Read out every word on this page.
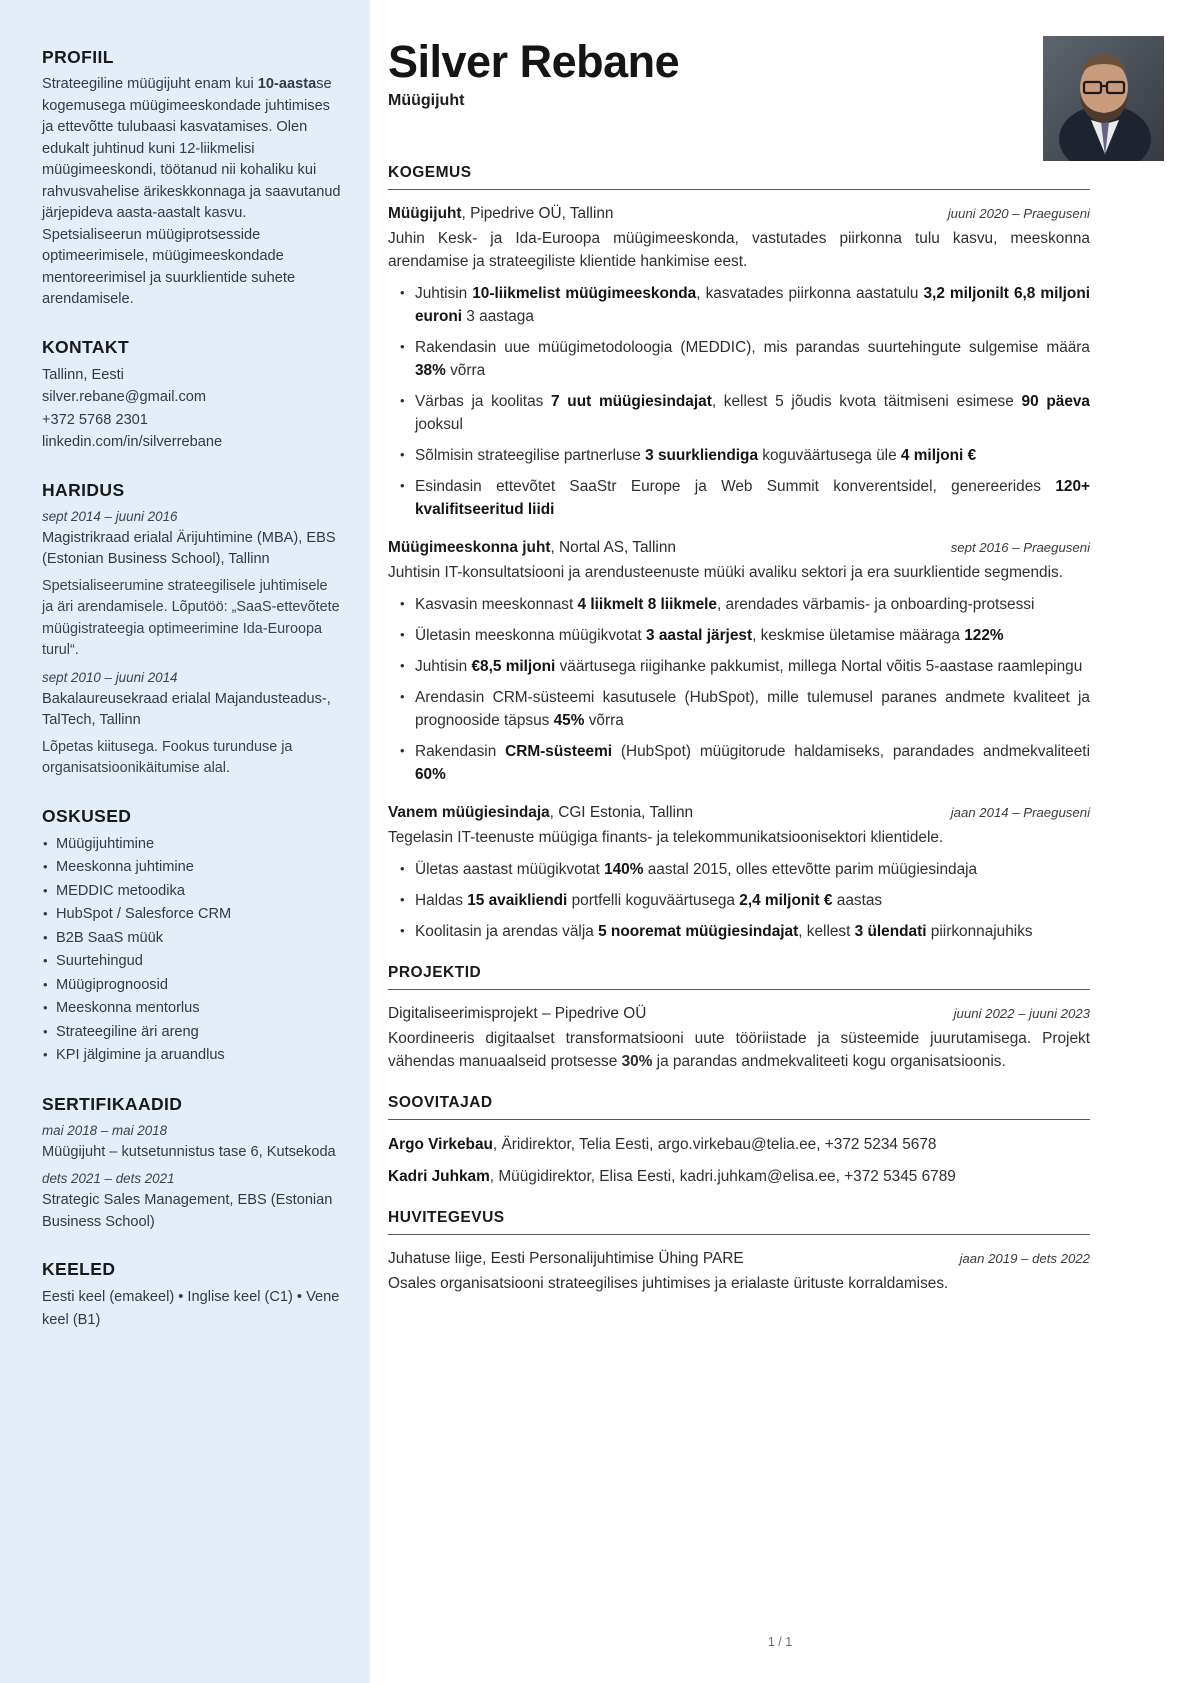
PROFIIL

Strateegiline müügijuht enam kui 10-aastase kogemusega müügimeeskondade juhtimises ja ettevõtte tulubaasi kasvatamises. Olen edukalt juhtinud kuni 12-liikmelisi müügimeeskondi, töötanud nii kohaliku kui rahvusvahelise ärikeskkonnaga ja saavutanud järjepideva aasta-aastalt kasvu. Spetsialiseerun müügiprotsesside optimeerimisele, müügimeeskondade mentoreerimisel ja suurklientide suhete arendamisele.

KONTAKT
Tallinn, Eesti
silver.rebane@gmail.com
+372 5768 2301
linkedin.com/in/silverrebane
HARIDUS
sept 2014 – juuni 2016
Magistrikraad erialal Ärijuhtimine (MBA), EBS (Estonian Business School), Tallinn
Spetsialiseerumine strateegilisele juhtimisele ja äri arendamisele. Lõputöö: „SaaS-ettevõtete müügistrateegia optimeerimine Ida-Euroopa turul“.
sept 2010 – juuni 2014
Bakalaureusekraad erialal Majandusteadus-, TalTech, Tallinn
Lõpetas kiitusega. Fookus turunduse ja organisatsioonikäitumise alal.
OSKUSED
• Müügijuhtimine
• Meeskonna juhtimine
• MEDDIC metoodika
• HubSpot / Salesforce CRM
• B2B SaaS müük
• Suurtehingud
• Müügiprognoosid
• Meeskonna mentorlus
• Strateegiline äri areng
• KPI jälgimine ja aruandlus
SERTIFIKAADID
mai 2018 – mai 2018
Müügijuht – kutsetunnistus tase 6, Kutsekoda
dets 2021 – dets 2021
Strategic Sales Management, EBS (Estonian Business School)
KEELED
Eesti keel (emakeel) • Inglise keel (C1) • Vene keel (B1)
Silver Rebane
Müügijuht
KOGEMUS
Müügijuht, Pipedrive OÜ, Tallinn	juuni 2020 – Praeguseni
Juhin Kesk- ja Ida-Euroopa müügimeeskonda, vastutades piirkonna tulu kasvu, meeskonna arendamise ja strateegiliste klientide hankimise eest.
• Juhtisin 10-liikmelist müügimeeskonda, kasvatades piirkonna aastatulu 3,2 miljonilt 6,8 miljoni euroni 3 aastaga
• Rakendasin uue müügimetodoloogia (MEDDIC), mis parandas suurtehingute sulgemise määra 38% võrra
• Värbas ja koolitas 7 uut müügiesindajat, kellest 5 jõudis kvota täitmiseni esimese 90 päeva jooksul
• Sõlmisin strateegilise partnerluse 3 suurkliendiga koguväärtusega üle 4 miljoni €
• Esindasin ettevõtet SaaStr Europe ja Web Summit konverentsidel, genereerides 120+ kvalifitseeritud liidi
Müügimeeskonna juht, Nortal AS, Tallinn	sept 2016 – Praeguseni
Juhtisin IT-konsultatsiooni ja arendusteenuste müüki avaliku sektori ja era suurklientide segmendis.
• Kasvasin meeskonnast 4 liikmelt 8 liikmele, arendades värbamis- ja onboarding-protsessi
• Ületasin meeskonna müügikvotat 3 aastal järjest, keskmise ületamise määraga 122%
• Juhtisin €8,5 miljoni väärtusega riigihanke pakkumist, millega Nortal võitis 5-aastase raamlepingu
• Arendasin CRM-süsteemi kasutusele (HubSpot), mille tulemusel paranes andmete kvaliteet ja prognooside täpsus 45% võrra
• Rakendasin CRM-süsteemi (HubSpot) müügitorude haldamiseks, parandades andmekvaliteeti 60%
Vanem müügiesindaja, CGI Estonia, Tallinn	jaan 2014 – Praeguseni
Tegelasin IT-teenuste müügiga finants- ja telekommunikatsioonisektori klientidele.
• Ületas aastast müügikvotat 140% aastal 2015, olles ettevõtte parim müügiesindaja
• Haldas 15 avaikliendi portfelli koguväärtusega 2,4 miljonit € aastas
• Koolitasin ja arendas välja 5 nooremat müügiesindajat, kellest 3 ülendati piirkonnajuhiks
PROJEKTID
Digitaliseerimisprojekt – Pipedrive OÜ	juuni 2022 – juuni 2023
Koordineeris digitaalset transformatsiooni uute tööriistade ja süsteemide juurutamisega. Projekt vähendas manuaalseid protsesse 30% ja parandas andmekvaliteeti kogu organisatsioonis.
SOOVITAJAD
Argo Virkebau, Äridirektor, Telia Eesti, argo.virkebau@telia.ee, +372 5234 5678
Kadri Juhkam, Müügidirektor, Elisa Eesti, kadri.juhkam@elisa.ee, +372 5345 6789
HUVITEGEVUS
Juhatuse liige, Eesti Personalijuhtimise Ühing PARE	jaan 2019 – dets 2022
Osales organisatsiooni strateegilises juhtimises ja erialaste ürituste korraldamises.
1 / 1
